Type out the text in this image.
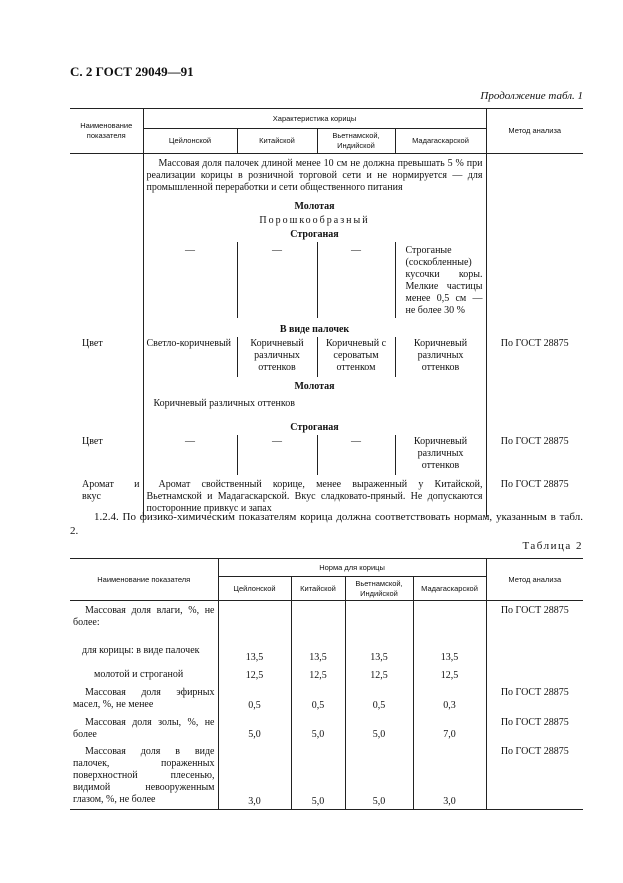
С. 2 ГОСТ 29049—91
Продолжение табл. 1
Наименование показателя	Характеристика корицы				Метод анализа
	Цейлонской	Китайской	Вьетнамской, Индийской	Мадагаскарской	
	Массовая доля палочек длиной менее 10 см не должна превышать 5 % при реализации корицы в розничной торговой сети и не нормируется — для промышленной переработки и сети общественного питания				
	Молотая				
	Порошкообразный				
	Строганая				
	—	—	—	Строганые (соскобленные) кусочки коры. Мелкие частицы менее 0,5 см — не более 30 %	
	В виде палочек				
Цвет	Светло-коричневый	Коричневый различных оттенков	Коричневый с сероватым оттенком	Коричневый различных оттенков	По ГОСТ 28875
	Молотая				
	Коричневый различных оттенков				
	Строганая				
Цвет	—	—	—	Коричневый различных оттенков	По ГОСТ 28875
Аромат и вкус	Аромат свойственный корице, менее выраженный у Китайской, Вьетнамской и Мадагаскарской. Вкус сладковато-пряный. Не допускаются посторонние привкус и запах				По ГОСТ 28875
1.2.4. По физико-химическим показателям корица должна соответствовать нормам, указанным в табл. 2.
Таблица 2
Наименование показателя	Норма для корицы				Метод анализа
	Цейлонской	Китайской	Вьетнамской, Индийской	Мадагаскарской	
Массовая доля влаги, %, не более:					По ГОСТ 28875
для корицы: в виде палочек	13,5	13,5	13,5	13,5	
молотой и строганой	12,5	12,5	12,5	12,5	
Массовая доля эфирных масел, %, не менее	0,5	0,5	0,5	0,3	По ГОСТ 28875
Массовая доля золы, %, не более	5,0	5,0	5,0	7,0	По ГОСТ 28875
Массовая доля в виде палочек, пораженных поверхностной плесенью, видимой невооруженным глазом, %, не более	3,0	5,0	5,0	3,0	По ГОСТ 28875
